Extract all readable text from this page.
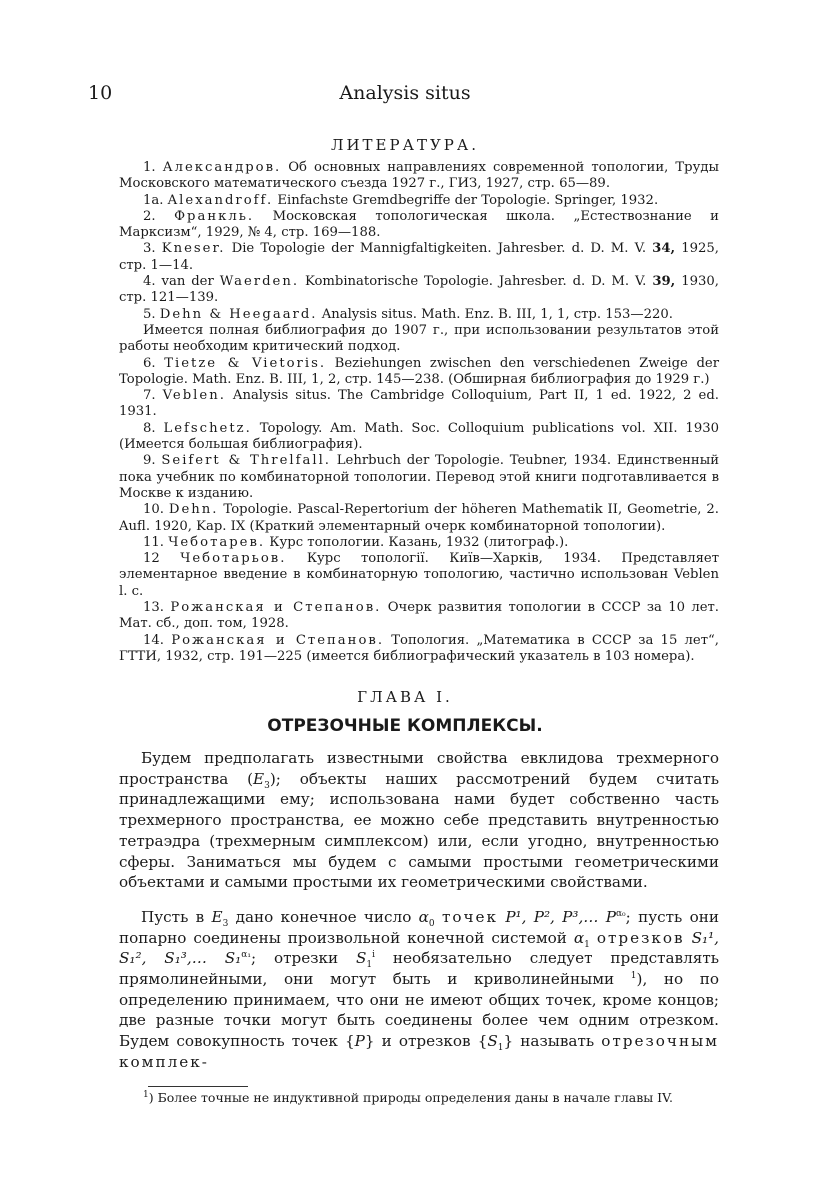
10	Analysis situs
ЛИТЕРАТУРА.
1. Александров. Об основных направлениях современной топологии, Труды Московского математического съезда 1927 г., ГИЗ, 1927, стр. 65—89.
1a. Alexandroff. Einfachste Gremdbegriffe der Topologie. Springer, 1932.
2. Франкль. Московская топологическая школа. „Естествознание и Марксизм“, 1929, № 4, стр. 169—188.
3. Kneser. Die Topologie der Mannigfaltigkeiten. Jahresber. d. D. M. V. 34, 1925, стр. 1—14.
4. van der Waerden. Kombinatorische Topologie. Jahresber. d. D. M. V. 39, 1930, стр. 121—139.
5. Dehn & Heegaard. Analysis situs. Math. Enz. B. III, 1, 1, стр. 153—220.
Имеется полная библиография до 1907 г., при использовании результатов этой работы необходим критический подход.
6. Tietze & Vietoris. Beziehungen zwischen den verschiedenen Zweige der Topologie. Math. Enz. B. III, 1, 2, стр. 145—238. (Обширная библиография до 1929 г.)
7. Veblen. Analysis situs. The Cambridge Colloquium, Part II, 1 ed. 1922, 2 ed. 1931.
8. Lefschetz. Topology. Am. Math. Soc. Colloquium publications vol. XII. 1930 (Имеется большая библиография).
9. Seifert & Threlfall. Lehrbuch der Topologie. Teubner, 1934. Единственный пока учебник по комбинаторной топологии. Перевод этой книги подготавливается в Москве к изданию.
10. Dehn. Topologie. Pascal-Repertorium der höheren Mathematik II, Geometrie, 2. Aufl. 1920, Kap. IX (Краткий элементарный очерк комбинаторной топологии).
11. Чеботарев. Курс топологии. Казань, 1932 (литограф.).
12 Чеботарьов. Курс топологiï. Київ—Харків, 1934. Представляет элементарное введение в комбинаторную топологию, частично использован Veblen l. c.
13. Рожанская и Степанов. Очерк развития топологии в СССР за 10 лет. Мат. сб., доп. том, 1928.
14. Рожанская и Степанов. Топология. „Математика в СССР за 15 лет“, ГТТИ, 1932, стр. 191—225 (имеется библиографический указатель в 103 номера).
ГЛАВА I.
ОТРЕЗОЧНЫЕ КОМПЛЕКСЫ.

Будем предполагать известными свойства евклидова трехмерного пространства $(E_3)$; объекты наших рассмотрений будем считать принадлежащими ему; использована нами будет собственно часть трехмерного пространства, ее можно себе представить внутренностью тетраэдра (трехмерным симплексом) или, если угодно, внутренностью сферы. Заниматься мы будем с самыми простыми геометрическими объектами и самыми простыми их геометрическими свойствами.

Пусть в $E_3$ дано конечное число $\alpha_0$ точек P¹, P², P³,… $P^{\alpha_0}$; пусть они попарно соединены произвольной конечной системой $\alpha_1$ отрезков S₁¹, S₁², S₁³,… S₁$^{\alpha_1}$; отрезки $S_1^i$ необязательно следует представлять прямолинейными, они могут быть и криволинейными $^1$), но по определению принимаем, что они не имеют общих точек, кроме концов; две разные точки могут быть соединены более чем одним отрезком. Будем совокупность точек {P} и отрезков $\{S_1\}$ называть отрезочным комплек-

$^1$) Более точные не индуктивной природы определения даны в начале главы IV.
